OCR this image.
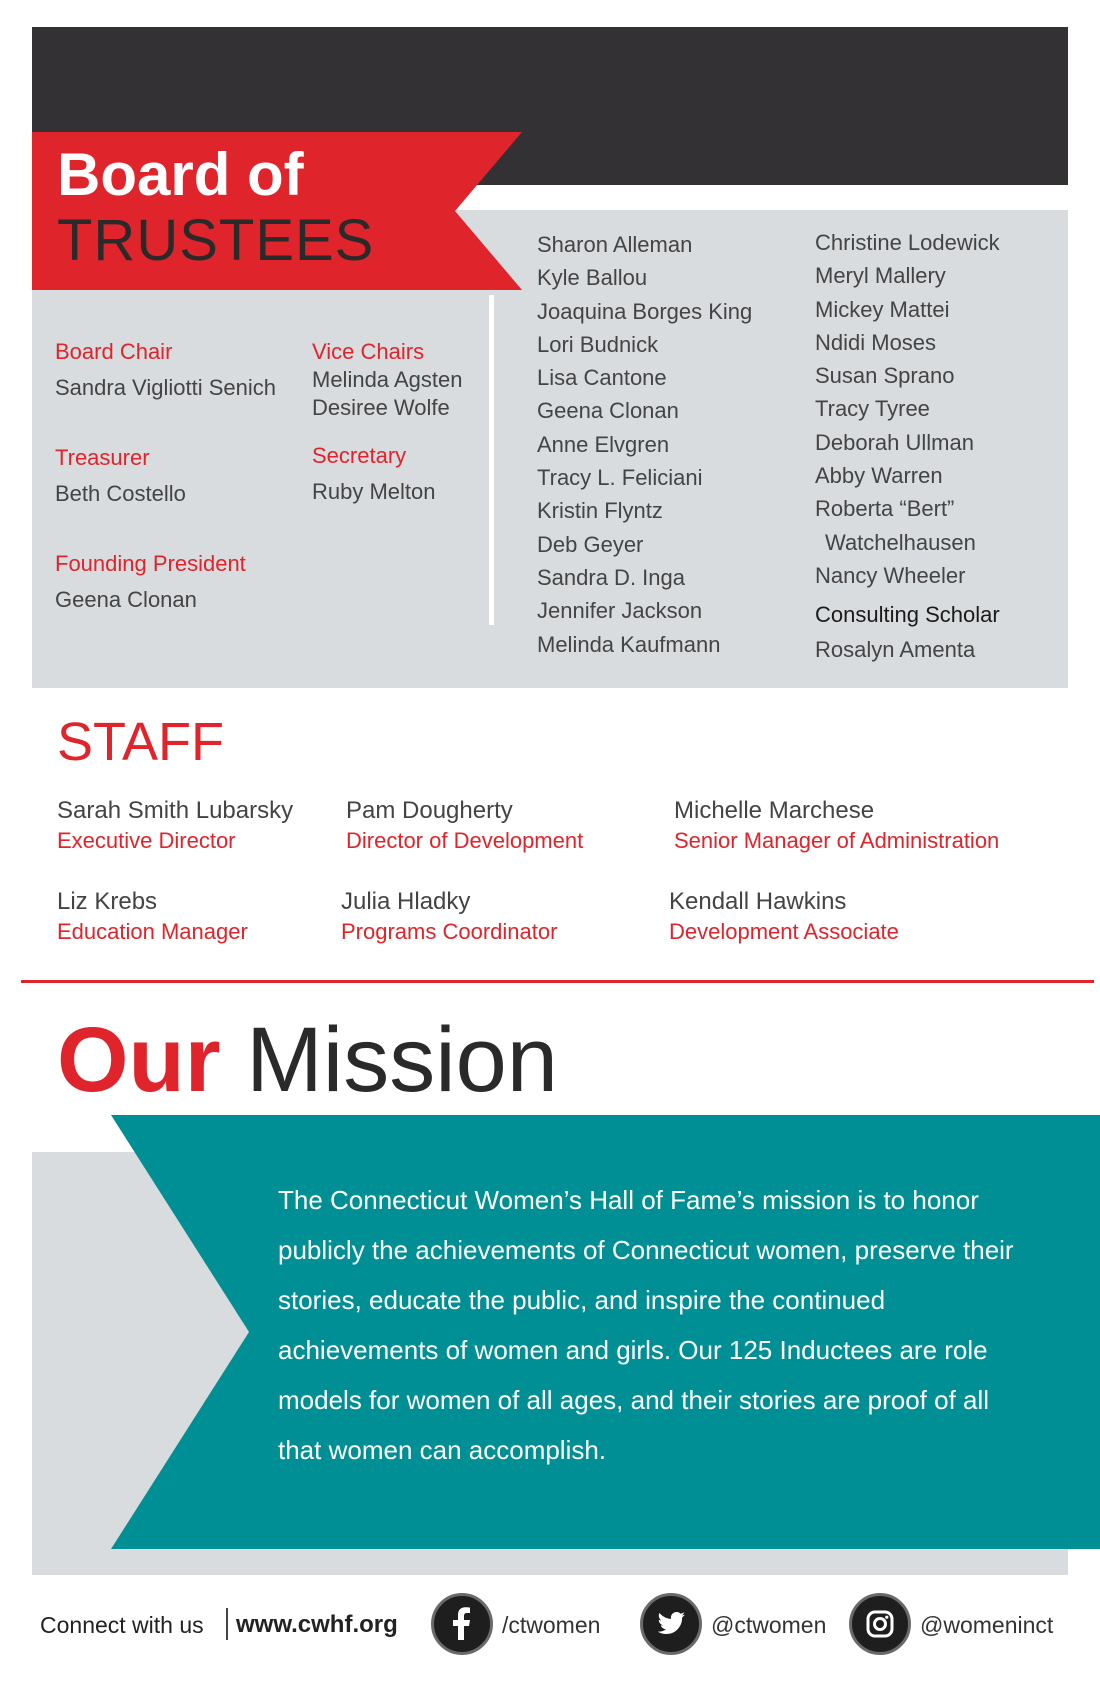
Board of
TRUSTEES
Board Chair
Sandra Vigliotti Senich
Vice Chairs
Melinda Agsten
Desiree Wolfe
Treasurer
Beth Costello
Secretary
Ruby Melton
Founding President
Geena Clonan
Sharon Alleman
Kyle Ballou
Joaquina Borges King
Lori Budnick
Lisa Cantone
Geena Clonan
Anne Elvgren
Tracy L. Feliciani
Kristin Flyntz
Deb Geyer
Sandra D. Inga
Jennifer Jackson
Melinda Kaufmann
Christine Lodewick
Meryl Mallery
Mickey Mattei
Ndidi Moses
Susan Sprano
Tracy Tyree
Deborah Ullman
Abby Warren
Roberta “Bert”
Watchelhausen
Nancy Wheeler
Consulting Scholar
Rosalyn Amenta
STAFF
Sarah Smith Lubarsky
Executive Director
Pam Dougherty
Director of Development
Michelle Marchese
Senior Manager of Administration
Liz Krebs
Education Manager
Julia Hladky
Programs Coordinator
Kendall Hawkins
Development Associate
Our Mission
The Connecticut Women’s Hall of Fame’s mission is to honor publicly the achievements of Connecticut women, preserve their stories, educate the public, and inspire the continued achievements of women and girls. Our 125 Inductees are role models for women of all ages, and their stories are proof of all that women can accomplish.
Connect with us www.cwhf.org	/ctwomen	@ctwomen	@womeninct
